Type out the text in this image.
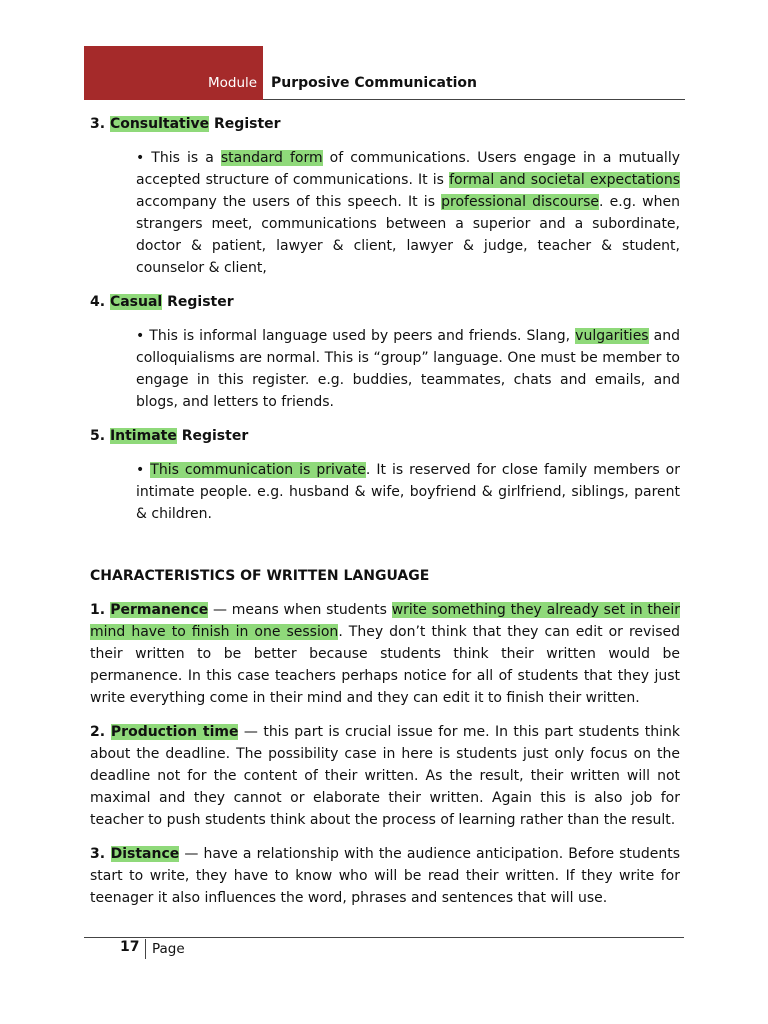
Module Purposive Communication

3. Consultative Register

• This is a standard form of communications. Users engage in a mutually accepted structure of communications. It is formal and societal expectations accompany the users of this speech. It is professional discourse. e.g. when strangers meet, communications between a superior and a subordinate, doctor & patient, lawyer & client, lawyer & judge, teacher & student, counselor & client,

4. Casual Register

• This is informal language used by peers and friends. Slang, vulgarities and colloquialisms are normal. This is “group” language. One must be member to engage in this register. e.g. buddies, teammates, chats and emails, and blogs, and letters to friends.

5. Intimate Register

• This communication is private. It is reserved for close family members or intimate people. e.g. husband & wife, boyfriend & girlfriend, siblings, parent & children.

CHARACTERISTICS OF WRITTEN LANGUAGE

1. Permanence — means when students write something they already set in their mind have to finish in one session. They don’t think that they can edit or revised their written to be better because students think their written would be permanence. In this case teachers perhaps notice for all of students that they just write everything come in their mind and they can edit it to finish their written.

2. Production time — this part is crucial issue for me. In this part students think about the deadline. The possibility case in here is students just only focus on the deadline not for the content of their written. As the result, their written will not maximal and they cannot or elaborate their written. Again this is also job for teacher to push students think about the process of learning rather than the result.

3. Distance — have a relationship with the audience anticipation. Before students start to write, they have to know who will be read their written. If they write for teenager it also influences the word, phrases and sentences that will use.

17 Page
